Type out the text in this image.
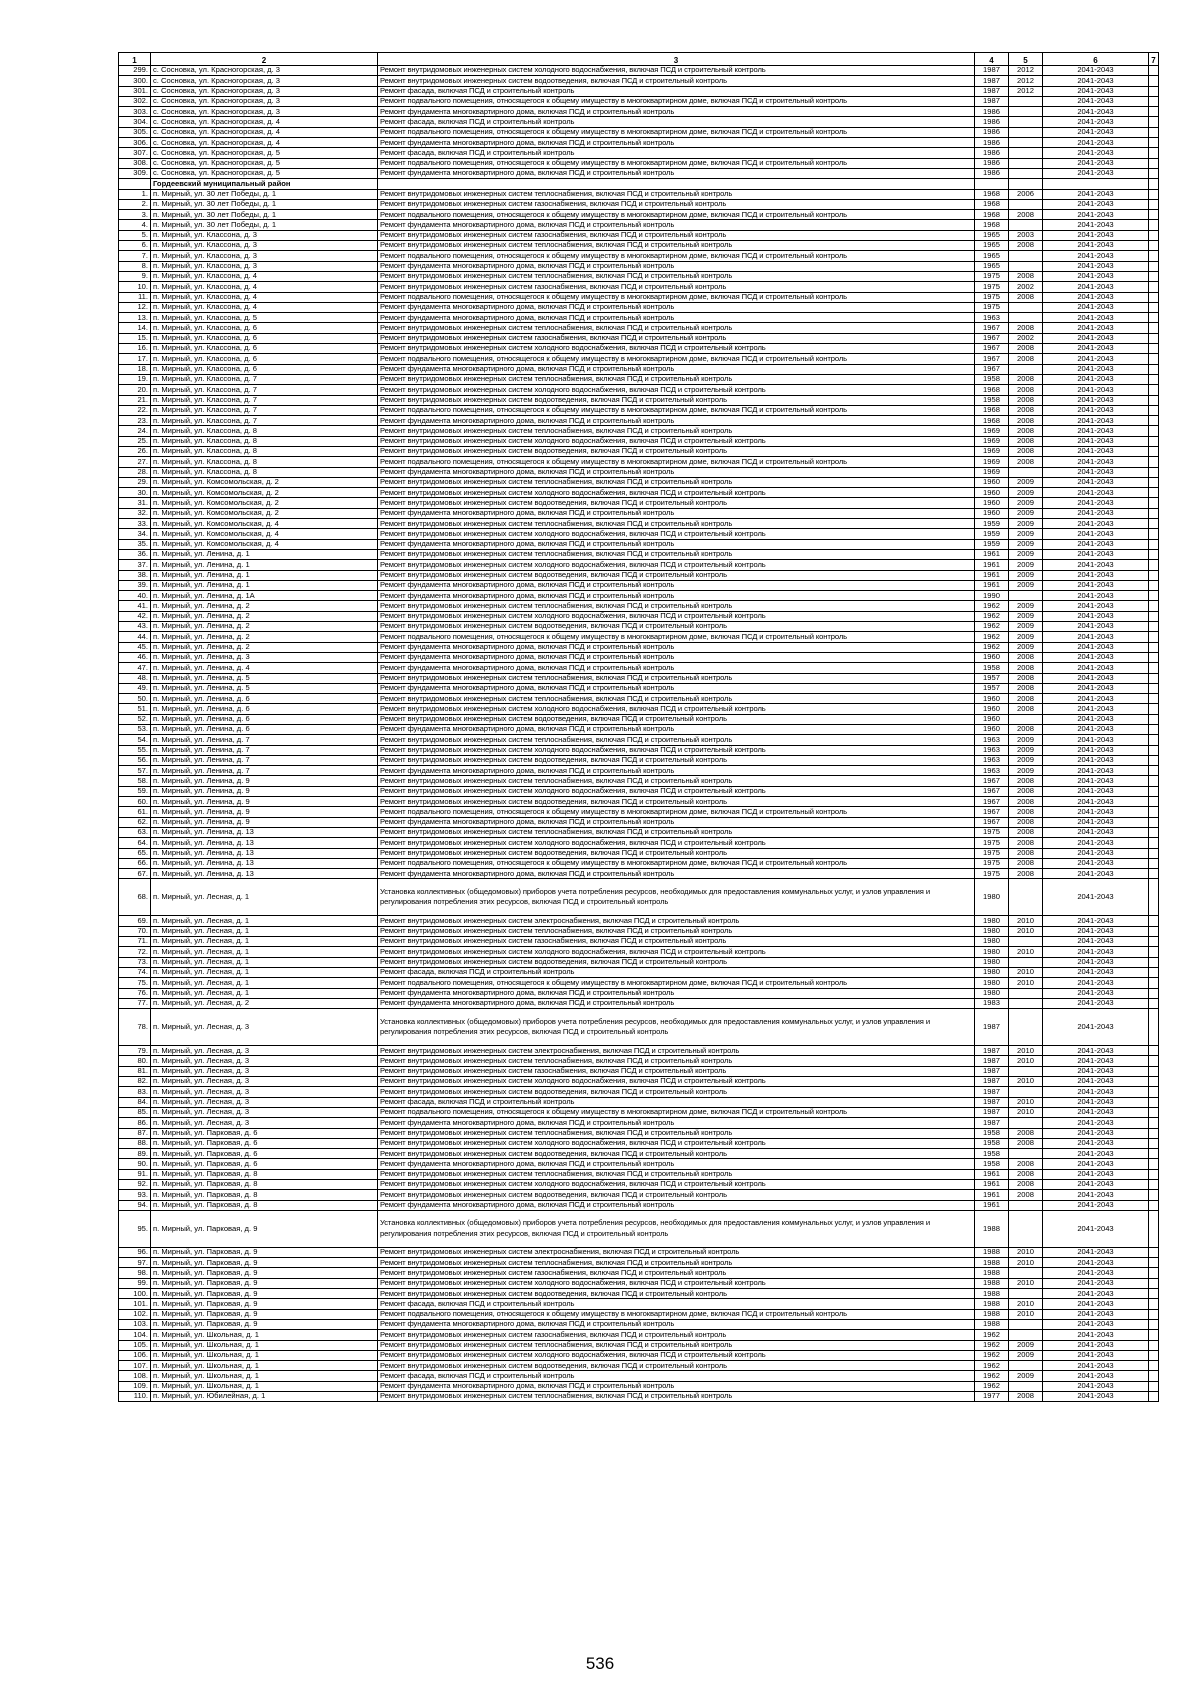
1	2	3	4	5	6	7
299.	с. Сосновка, ул. Красногорская, д. 3	Ремонт внутридомовых инженерных систем холодного водоснабжения, включая ПСД и строительный контроль	1987	2012	2041-2043	
300.	с. Сосновка, ул. Красногорская, д. 3	Ремонт внутридомовых инженерных систем водоотведения, включая ПСД и строительный контроль	1987	2012	2041-2043	
301.	с. Сосновка, ул. Красногорская, д. 3	Ремонт фасада, включая ПСД и строительный контроль	1987	2012	2041-2043	
302.	с. Сосновка, ул. Красногорская, д. 3	Ремонт подвального помещения, относящегося к общему имуществу в многоквартирном доме, включая ПСД и строительный контроль	1987		2041-2043	
303.	с. Сосновка, ул. Красногорская, д. 3	Ремонт фундамента многоквартирного дома, включая ПСД и строительный контроль	1986		2041-2043	
304.	с. Сосновка, ул. Красногорская, д. 4	Ремонт фасада, включая ПСД и строительный контроль	1986		2041-2043	
305.	с. Сосновка, ул. Красногорская, д. 4	Ремонт подвального помещения, относящегося к общему имуществу в многоквартирном доме, включая ПСД и строительный контроль	1986		2041-2043	
306.	с. Сосновка, ул. Красногорская, д. 4	Ремонт фундамента многоквартирного дома, включая ПСД и строительный контроль	1986		2041-2043	
307.	с. Сосновка, ул. Красногорская, д. 5	Ремонт фасада, включая ПСД и строительный контроль	1986		2041-2043	
308.	с. Сосновка, ул. Красногорская, д. 5	Ремонт подвального помещения, относящегося к общему имуществу в многоквартирном доме, включая ПСД и строительный контроль	1986		2041-2043	
309.	с. Сосновка, ул. Красногорская, д. 5	Ремонт фундамента многоквартирного дома, включая ПСД и строительный контроль	1986		2041-2043	
	Гордеевский муниципальный район					
1.	п. Мирный, ул. 30 лет Победы, д. 1	Ремонт внутридомовых инженерных систем теплоснабжения, включая ПСД и строительный контроль	1968	2006	2041-2043	
2.	п. Мирный, ул. 30 лет Победы, д. 1	Ремонт внутридомовых инженерных систем газоснабжения, включая ПСД и строительный контроль	1968		2041-2043	
3.	п. Мирный, ул. 30 лет Победы, д. 1	Ремонт подвального помещения, относящегося к общему имуществу в многоквартирном доме, включая ПСД и строительный контроль	1968	2008	2041-2043	
4.	п. Мирный, ул. 30 лет Победы, д. 1	Ремонт фундамента многоквартирного дома, включая ПСД и строительный контроль	1968		2041-2043	
5.	п. Мирный, ул. Классона, д. 3	Ремонт внутридомовых инженерных систем газоснабжения, включая ПСД и строительный контроль	1965	2003	2041-2043	
6.	п. Мирный, ул. Классона, д. 3	Ремонт внутридомовых инженерных систем теплоснабжения, включая ПСД и строительный контроль	1965	2008	2041-2043	
7.	п. Мирный, ул. Классона, д. 3	Ремонт подвального помещения, относящегося к общему имуществу в многоквартирном доме, включая ПСД и строительный контроль	1965		2041-2043	
8.	п. Мирный, ул. Классона, д. 3	Ремонт фундамента многоквартирного дома, включая ПСД и строительный контроль	1965		2041-2043	
9.	п. Мирный, ул. Классона, д. 4	Ремонт внутридомовых инженерных систем теплоснабжения, включая ПСД и строительный контроль	1975	2008	2041-2043	
10.	п. Мирный, ул. Классона, д. 4	Ремонт внутридомовых инженерных систем газоснабжения, включая ПСД и строительный контроль	1975	2002	2041-2043	
11.	п. Мирный, ул. Классона, д. 4	Ремонт подвального помещения, относящегося к общему имуществу в многоквартирном доме, включая ПСД и строительный контроль	1975	2008	2041-2043	
12.	п. Мирный, ул. Классона, д. 4	Ремонт фундамента многоквартирного дома, включая ПСД и строительный контроль	1975		2041-2043	
13.	п. Мирный, ул. Классона, д. 5	Ремонт фундамента многоквартирного дома, включая ПСД и строительный контроль	1963		2041-2043	
14.	п. Мирный, ул. Классона, д. 6	Ремонт внутридомовых инженерных систем теплоснабжения, включая ПСД и строительный контроль	1967	2008	2041-2043	
15.	п. Мирный, ул. Классона, д. 6	Ремонт внутридомовых инженерных систем газоснабжения, включая ПСД и строительный контроль	1967	2002	2041-2043	
16.	п. Мирный, ул. Классона, д. 6	Ремонт внутридомовых инженерных систем холодного водоснабжения, включая ПСД и строительный контроль	1967	2008	2041-2043	
17.	п. Мирный, ул. Классона, д. 6	Ремонт подвального помещения, относящегося к общему имуществу в многоквартирном доме, включая ПСД и строительный контроль	1967	2008	2041-2043	
18.	п. Мирный, ул. Классона, д. 6	Ремонт фундамента многоквартирного дома, включая ПСД и строительный контроль	1967		2041-2043	
19.	п. Мирный, ул. Классона, д. 7	Ремонт внутридомовых инженерных систем теплоснабжения, включая ПСД и строительный контроль	1958	2008	2041-2043	
20.	п. Мирный, ул. Классона, д. 7	Ремонт внутридомовых инженерных систем холодного водоснабжения, включая ПСД и строительный контроль	1968	2008	2041-2043	
21.	п. Мирный, ул. Классона, д. 7	Ремонт внутридомовых инженерных систем водоотведения, включая ПСД и строительный контроль	1958	2008	2041-2043	
22.	п. Мирный, ул. Классона, д. 7	Ремонт подвального помещения, относящегося к общему имуществу в многоквартирном доме, включая ПСД и строительный контроль	1968	2008	2041-2043	
23.	п. Мирный, ул. Классона, д. 7	Ремонт фундамента многоквартирного дома, включая ПСД и строительный контроль	1968	2008	2041-2043	
24.	п. Мирный, ул. Классона, д. 8	Ремонт внутридомовых инженерных систем теплоснабжения, включая ПСД и строительный контроль	1969	2008	2041-2043	
25.	п. Мирный, ул. Классона, д. 8	Ремонт внутридомовых инженерных систем холодного водоснабжения, включая ПСД и строительный контроль	1969	2008	2041-2043	
26.	п. Мирный, ул. Классона, д. 8	Ремонт внутридомовых инженерных систем водоотведения, включая ПСД и строительный контроль	1969	2008	2041-2043	
27.	п. Мирный, ул. Классона, д. 8	Ремонт подвального помещения, относящегося к общему имуществу в многоквартирном доме, включая ПСД и строительный контроль	1969	2008	2041-2043	
28.	п. Мирный, ул. Классона, д. 8	Ремонт фундамента многоквартирного дома, включая ПСД и строительный контроль	1969		2041-2043	
29.	п. Мирный, ул. Комсомольская, д. 2	Ремонт внутридомовых инженерных систем теплоснабжения, включая ПСД и строительный контроль	1960	2009	2041-2043	
30.	п. Мирный, ул. Комсомольская, д. 2	Ремонт внутридомовых инженерных систем холодного водоснабжения, включая ПСД и строительный контроль	1960	2009	2041-2043	
31.	п. Мирный, ул. Комсомольская, д. 2	Ремонт внутридомовых инженерных систем водоотведения, включая ПСД и строительный контроль	1960	2009	2041-2043	
32.	п. Мирный, ул. Комсомольская, д. 2	Ремонт фундамента многоквартирного дома, включая ПСД и строительный контроль	1960	2009	2041-2043	
33.	п. Мирный, ул. Комсомольская, д. 4	Ремонт внутридомовых инженерных систем теплоснабжения, включая ПСД и строительный контроль	1959	2009	2041-2043	
34.	п. Мирный, ул. Комсомольская, д. 4	Ремонт внутридомовых инженерных систем холодного водоснабжения, включая ПСД и строительный контроль	1959	2009	2041-2043	
35.	п. Мирный, ул. Комсомольская, д. 4	Ремонт фундамента многоквартирного дома, включая ПСД и строительный контроль	1959	2009	2041-2043	
36.	п. Мирный, ул. Ленина, д. 1	Ремонт внутридомовых инженерных систем теплоснабжения, включая ПСД и строительный контроль	1961	2009	2041-2043	
37.	п. Мирный, ул. Ленина, д. 1	Ремонт внутридомовых инженерных систем холодного водоснабжения, включая ПСД и строительный контроль	1961	2009	2041-2043	
38.	п. Мирный, ул. Ленина, д. 1	Ремонт внутридомовых инженерных систем водоотведения, включая ПСД и строительный контроль	1961	2009	2041-2043	
39.	п. Мирный, ул. Ленина, д. 1	Ремонт фундамента многоквартирного дома, включая ПСД и строительный контроль	1961	2009	2041-2043	
40.	п. Мирный, ул. Ленина, д. 1А	Ремонт фундамента многоквартирного дома, включая ПСД и строительный контроль	1990		2041-2043	
41.	п. Мирный, ул. Ленина, д. 2	Ремонт внутридомовых инженерных систем теплоснабжения, включая ПСД и строительный контроль	1962	2009	2041-2043	
42.	п. Мирный, ул. Ленина, д. 2	Ремонт внутридомовых инженерных систем холодного водоснабжения, включая ПСД и строительный контроль	1962	2009	2041-2043	
43.	п. Мирный, ул. Ленина, д. 2	Ремонт внутридомовых инженерных систем водоотведения, включая ПСД и строительный контроль	1962	2009	2041-2043	
44.	п. Мирный, ул. Ленина, д. 2	Ремонт подвального помещения, относящегося к общему имуществу в многоквартирном доме, включая ПСД и строительный контроль	1962	2009	2041-2043	
45.	п. Мирный, ул. Ленина, д. 2	Ремонт фундамента многоквартирного дома, включая ПСД и строительный контроль	1962	2009	2041-2043	
46.	п. Мирный, ул. Ленина, д. 3	Ремонт фундамента многоквартирного дома, включая ПСД и строительный контроль	1960	2008	2041-2043	
47.	п. Мирный, ул. Ленина, д. 4	Ремонт фундамента многоквартирного дома, включая ПСД и строительный контроль	1958	2008	2041-2043	
48.	п. Мирный, ул. Ленина, д. 5	Ремонт внутридомовых инженерных систем теплоснабжения, включая ПСД и строительный контроль	1957	2008	2041-2043	
49.	п. Мирный, ул. Ленина, д. 5	Ремонт фундамента многоквартирного дома, включая ПСД и строительный контроль	1957	2008	2041-2043	
50.	п. Мирный, ул. Ленина, д. 6	Ремонт внутридомовых инженерных систем теплоснабжения, включая ПСД и строительный контроль	1960	2008	2041-2043	
51.	п. Мирный, ул. Ленина, д. 6	Ремонт внутридомовых инженерных систем холодного водоснабжения, включая ПСД и строительный контроль	1960	2008	2041-2043	
52.	п. Мирный, ул. Ленина, д. 6	Ремонт внутридомовых инженерных систем водоотведения, включая ПСД и строительный контроль	1960		2041-2043	
53.	п. Мирный, ул. Ленина, д. 6	Ремонт фундамента многоквартирного дома, включая ПСД и строительный контроль	1960	2008	2041-2043	
54.	п. Мирный, ул. Ленина, д. 7	Ремонт внутридомовых инженерных систем теплоснабжения, включая ПСД и строительный контроль	1963	2009	2041-2043	
55.	п. Мирный, ул. Ленина, д. 7	Ремонт внутридомовых инженерных систем холодного водоснабжения, включая ПСД и строительный контроль	1963	2009	2041-2043	
56.	п. Мирный, ул. Ленина, д. 7	Ремонт внутридомовых инженерных систем водоотведения, включая ПСД и строительный контроль	1963	2009	2041-2043	
57.	п. Мирный, ул. Ленина, д. 7	Ремонт фундамента многоквартирного дома, включая ПСД и строительный контроль	1963	2009	2041-2043	
58.	п. Мирный, ул. Ленина, д. 9	Ремонт внутридомовых инженерных систем теплоснабжения, включая ПСД и строительный контроль	1967	2008	2041-2043	
59.	п. Мирный, ул. Ленина, д. 9	Ремонт внутридомовых инженерных систем холодного водоснабжения, включая ПСД и строительный контроль	1967	2008	2041-2043	
60.	п. Мирный, ул. Ленина, д. 9	Ремонт внутридомовых инженерных систем водоотведения, включая ПСД и строительный контроль	1967	2008	2041-2043	
61.	п. Мирный, ул. Ленина, д. 9	Ремонт подвального помещения, относящегося к общему имуществу в многоквартирном доме, включая ПСД и строительный контроль	1967	2008	2041-2043	
62.	п. Мирный, ул. Ленина, д. 9	Ремонт фундамента многоквартирного дома, включая ПСД и строительный контроль	1967	2008	2041-2043	
63.	п. Мирный, ул. Ленина, д. 13	Ремонт внутридомовых инженерных систем теплоснабжения, включая ПСД и строительный контроль	1975	2008	2041-2043	
64.	п. Мирный, ул. Ленина, д. 13	Ремонт внутридомовых инженерных систем холодного водоснабжения, включая ПСД и строительный контроль	1975	2008	2041-2043	
65.	п. Мирный, ул. Ленина, д. 13	Ремонт внутридомовых инженерных систем водоотведения, включая ПСД и строительный контроль	1975	2008	2041-2043	
66.	п. Мирный, ул. Ленина, д. 13	Ремонт подвального помещения, относящегося к общему имуществу в многоквартирном доме, включая ПСД и строительный контроль	1975	2008	2041-2043	
67.	п. Мирный, ул. Ленина, д. 13	Ремонт фундамента многоквартирного дома, включая ПСД и строительный контроль	1975	2008	2041-2043	
68.	п. Мирный, ул. Лесная, д. 1	Установка коллективных (общедомовых) приборов учета потребления ресурсов, необходимых для предоставления коммунальных услуг, и узлов управления и регулирования потребления этих ресурсов, включая ПСД и строительный контроль	1980		2041-2043	
69.	п. Мирный, ул. Лесная, д. 1	Ремонт внутридомовых инженерных систем электроснабжения, включая ПСД и строительный контроль	1980	2010	2041-2043	
70.	п. Мирный, ул. Лесная, д. 1	Ремонт внутридомовых инженерных систем теплоснабжения, включая ПСД и строительный контроль	1980	2010	2041-2043	
71.	п. Мирный, ул. Лесная, д. 1	Ремонт внутридомовых инженерных систем газоснабжения, включая ПСД и строительный контроль	1980		2041-2043	
72.	п. Мирный, ул. Лесная, д. 1	Ремонт внутридомовых инженерных систем холодного водоснабжения, включая ПСД и строительный контроль	1980	2010	2041-2043	
73.	п. Мирный, ул. Лесная, д. 1	Ремонт внутридомовых инженерных систем водоотведения, включая ПСД и строительный контроль	1980		2041-2043	
74.	п. Мирный, ул. Лесная, д. 1	Ремонт фасада, включая ПСД и строительный контроль	1980	2010	2041-2043	
75.	п. Мирный, ул. Лесная, д. 1	Ремонт подвального помещения, относящегося к общему имуществу в многоквартирном доме, включая ПСД и строительный контроль	1980	2010	2041-2043	
76.	п. Мирный, ул. Лесная, д. 1	Ремонт фундамента многоквартирного дома, включая ПСД и строительный контроль	1980		2041-2043	
77.	п. Мирный, ул. Лесная, д. 2	Ремонт фундамента многоквартирного дома, включая ПСД и строительный контроль	1983		2041-2043	
78.	п. Мирный, ул. Лесная, д. 3	Установка коллективных (общедомовых) приборов учета потребления ресурсов, необходимых для предоставления коммунальных услуг, и узлов управления и регулирования потребления этих ресурсов, включая ПСД и строительный контроль	1987		2041-2043	
79.	п. Мирный, ул. Лесная, д. 3	Ремонт внутридомовых инженерных систем электроснабжения, включая ПСД и строительный контроль	1987	2010	2041-2043	
80.	п. Мирный, ул. Лесная, д. 3	Ремонт внутридомовых инженерных систем теплоснабжения, включая ПСД и строительный контроль	1987	2010	2041-2043	
81.	п. Мирный, ул. Лесная, д. 3	Ремонт внутридомовых инженерных систем газоснабжения, включая ПСД и строительный контроль	1987		2041-2043	
82.	п. Мирный, ул. Лесная, д. 3	Ремонт внутридомовых инженерных систем холодного водоснабжения, включая ПСД и строительный контроль	1987	2010	2041-2043	
83.	п. Мирный, ул. Лесная, д. 3	Ремонт внутридомовых инженерных систем водоотведения, включая ПСД и строительный контроль	1987		2041-2043	
84.	п. Мирный, ул. Лесная, д. 3	Ремонт фасада, включая ПСД и строительный контроль	1987	2010	2041-2043	
85.	п. Мирный, ул. Лесная, д. 3	Ремонт подвального помещения, относящегося к общему имуществу в многоквартирном доме, включая ПСД и строительный контроль	1987	2010	2041-2043	
86.	п. Мирный, ул. Лесная, д. 3	Ремонт фундамента многоквартирного дома, включая ПСД и строительный контроль	1987		2041-2043	
87.	п. Мирный, ул. Парковая, д. 6	Ремонт внутридомовых инженерных систем теплоснабжения, включая ПСД и строительный контроль	1958	2008	2041-2043	
88.	п. Мирный, ул. Парковая, д. 6	Ремонт внутридомовых инженерных систем холодного водоснабжения, включая ПСД и строительный контроль	1958	2008	2041-2043	
89.	п. Мирный, ул. Парковая, д. 6	Ремонт внутридомовых инженерных систем водоотведения, включая ПСД и строительный контроль	1958		2041-2043	
90.	п. Мирный, ул. Парковая, д. 6	Ремонт фундамента многоквартирного дома, включая ПСД и строительный контроль	1958	2008	2041-2043	
91.	п. Мирный, ул. Парковая, д. 8	Ремонт внутридомовых инженерных систем теплоснабжения, включая ПСД и строительный контроль	1961	2008	2041-2043	
92.	п. Мирный, ул. Парковая, д. 8	Ремонт внутридомовых инженерных систем холодного водоснабжения, включая ПСД и строительный контроль	1961	2008	2041-2043	
93.	п. Мирный, ул. Парковая, д. 8	Ремонт внутридомовых инженерных систем водоотведения, включая ПСД и строительный контроль	1961	2008	2041-2043	
94.	п. Мирный, ул. Парковая, д. 8	Ремонт фундамента многоквартирного дома, включая ПСД и строительный контроль	1961		2041-2043	
95.	п. Мирный, ул. Парковая, д. 9	Установка коллективных (общедомовых) приборов учета потребления ресурсов, необходимых для предоставления коммунальных услуг, и узлов управления и регулирования потребления этих ресурсов, включая ПСД и строительный контроль	1988		2041-2043	
96.	п. Мирный, ул. Парковая, д. 9	Ремонт внутридомовых инженерных систем электроснабжения, включая ПСД и строительный контроль	1988	2010	2041-2043	
97.	п. Мирный, ул. Парковая, д. 9	Ремонт внутридомовых инженерных систем теплоснабжения, включая ПСД и строительный контроль	1988	2010	2041-2043	
98.	п. Мирный, ул. Парковая, д. 9	Ремонт внутридомовых инженерных систем газоснабжения, включая ПСД и строительный контроль	1988		2041-2043	
99.	п. Мирный, ул. Парковая, д. 9	Ремонт внутридомовых инженерных систем холодного водоснабжения, включая ПСД и строительный контроль	1988	2010	2041-2043	
100.	п. Мирный, ул. Парковая, д. 9	Ремонт внутридомовых инженерных систем водоотведения, включая ПСД и строительный контроль	1988		2041-2043	
101.	п. Мирный, ул. Парковая, д. 9	Ремонт фасада, включая ПСД и строительный контроль	1988	2010	2041-2043	
102.	п. Мирный, ул. Парковая, д. 9	Ремонт подвального помещения, относящегося к общему имуществу в многоквартирном доме, включая ПСД и строительный контроль	1988	2010	2041-2043	
103.	п. Мирный, ул. Парковая, д. 9	Ремонт фундамента многоквартирного дома, включая ПСД и строительный контроль	1988		2041-2043	
104.	п. Мирный, ул. Школьная, д. 1	Ремонт внутридомовых инженерных систем газоснабжения, включая ПСД и строительный контроль	1962		2041-2043	
105.	п. Мирный, ул. Школьная, д. 1	Ремонт внутридомовых инженерных систем теплоснабжения, включая ПСД и строительный контроль	1962	2009	2041-2043	
106.	п. Мирный, ул. Школьная, д. 1	Ремонт внутридомовых инженерных систем холодного водоснабжения, включая ПСД и строительный контроль	1962	2009	2041-2043	
107.	п. Мирный, ул. Школьная, д. 1	Ремонт внутридомовых инженерных систем водоотведения, включая ПСД и строительный контроль	1962		2041-2043	
108.	п. Мирный, ул. Школьная, д. 1	Ремонт фасада, включая ПСД и строительный контроль	1962	2009	2041-2043	
109.	п. Мирный, ул. Школьная, д. 1	Ремонт фундамента многоквартирного дома, включая ПСД и строительный контроль	1962		2041-2043	
110.	п. Мирный, ул. Юбилейная, д. 1	Ремонт внутридомовых инженерных систем теплоснабжения, включая ПСД и строительный контроль	1977	2008	2041-2043	
536
